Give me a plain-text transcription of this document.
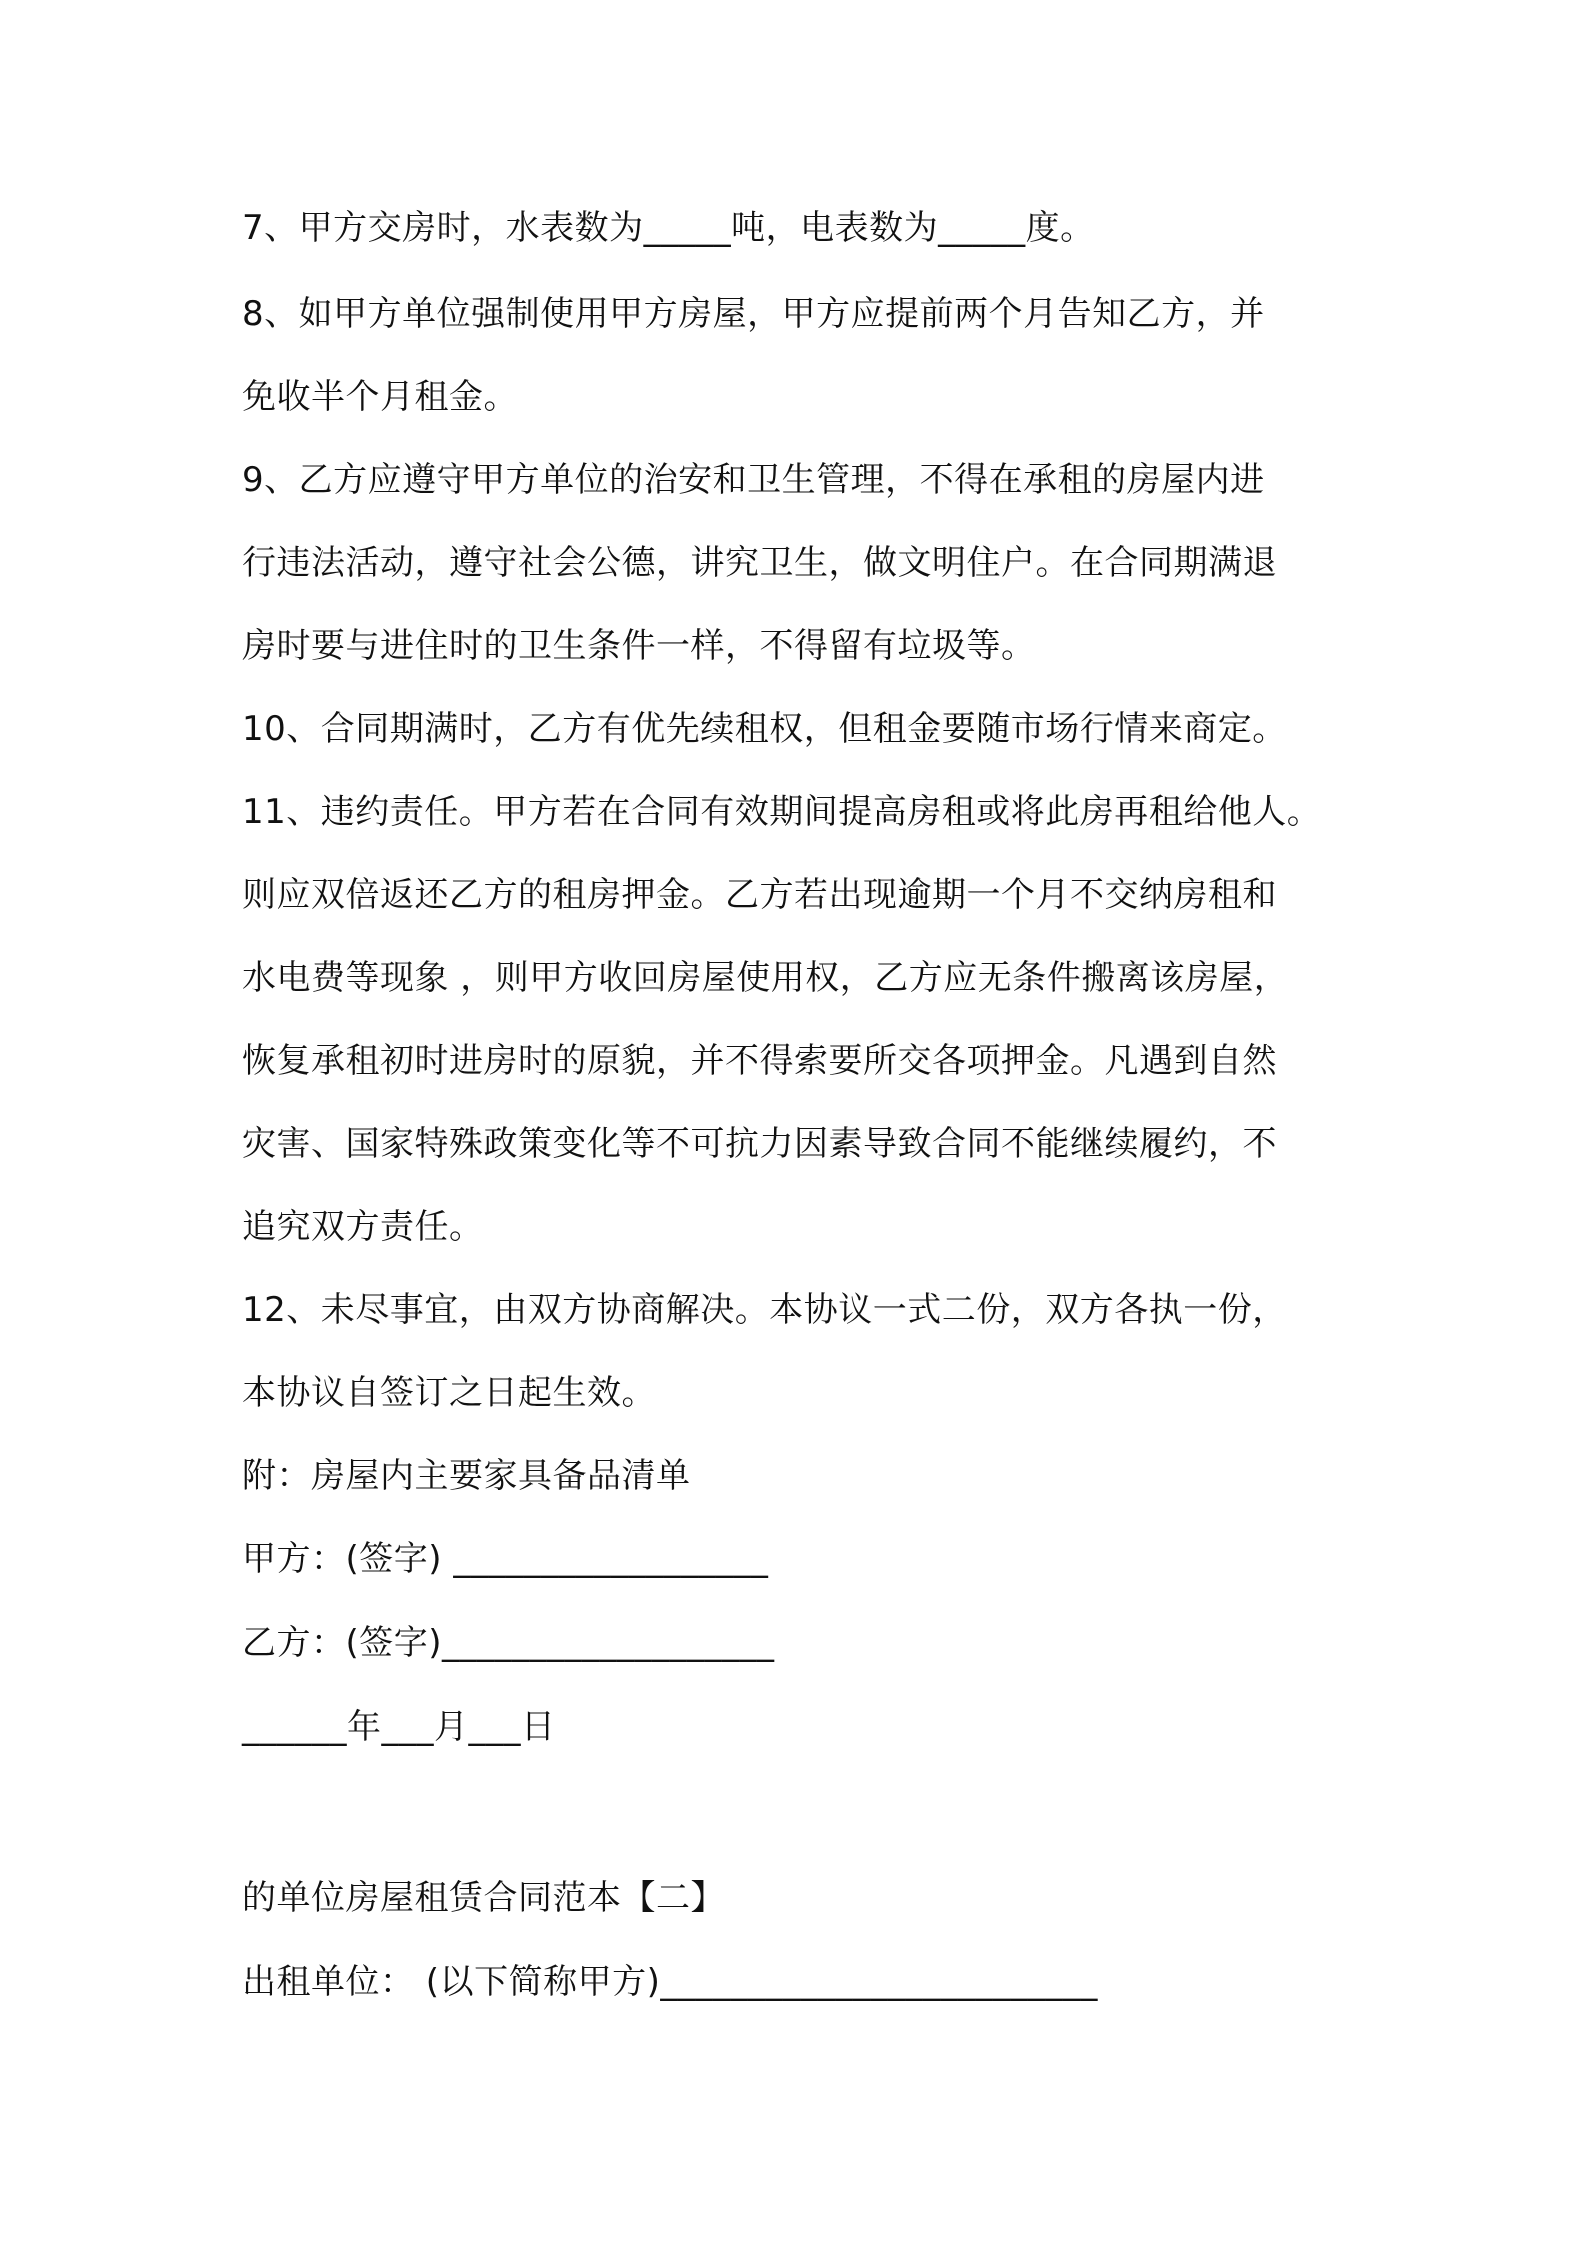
7、甲方交房时，水表数为_____吨，电表数为_____度。

8、如甲方单位强制使用甲方房屋，甲方应提前两个月告知乙方，并

免收半个月租金。

9、乙方应遵守甲方单位的治安和卫生管理，不得在承租的房屋内进

行违法活动，遵守社会公德，讲究卫生，做文明住户。在合同期满退

房时要与进住时的卫生条件一样，不得留有垃圾等。

10、合同期满时，乙方有优先续租权，但租金要随市场行情来商定。

11、违约责任。甲方若在合同有效期间提高房租或将此房再租给他人。

则应双倍返还乙方的租房押金。乙方若出现逾期一个月不交纳房租和

水电费等现象 ，则甲方收回房屋使用权，乙方应无条件搬离该房屋，

恢复承租初时进房时的原貌，并不得索要所交各项押金。凡遇到自然

灾害、国家特殊政策变化等不可抗力因素导致合同不能继续履约，不

追究双方责任。

12、未尽事宜，由双方协商解决。本协议一式二份，双方各执一份，

本协议自签订之日起生效。

附：房屋内主要家具备品清单

甲方：(签字) __________________

乙方：(签字)___________________

______年___月___日

的单位房屋租赁合同范本【二】

出租单位： (以下简称甲方)_________________________
